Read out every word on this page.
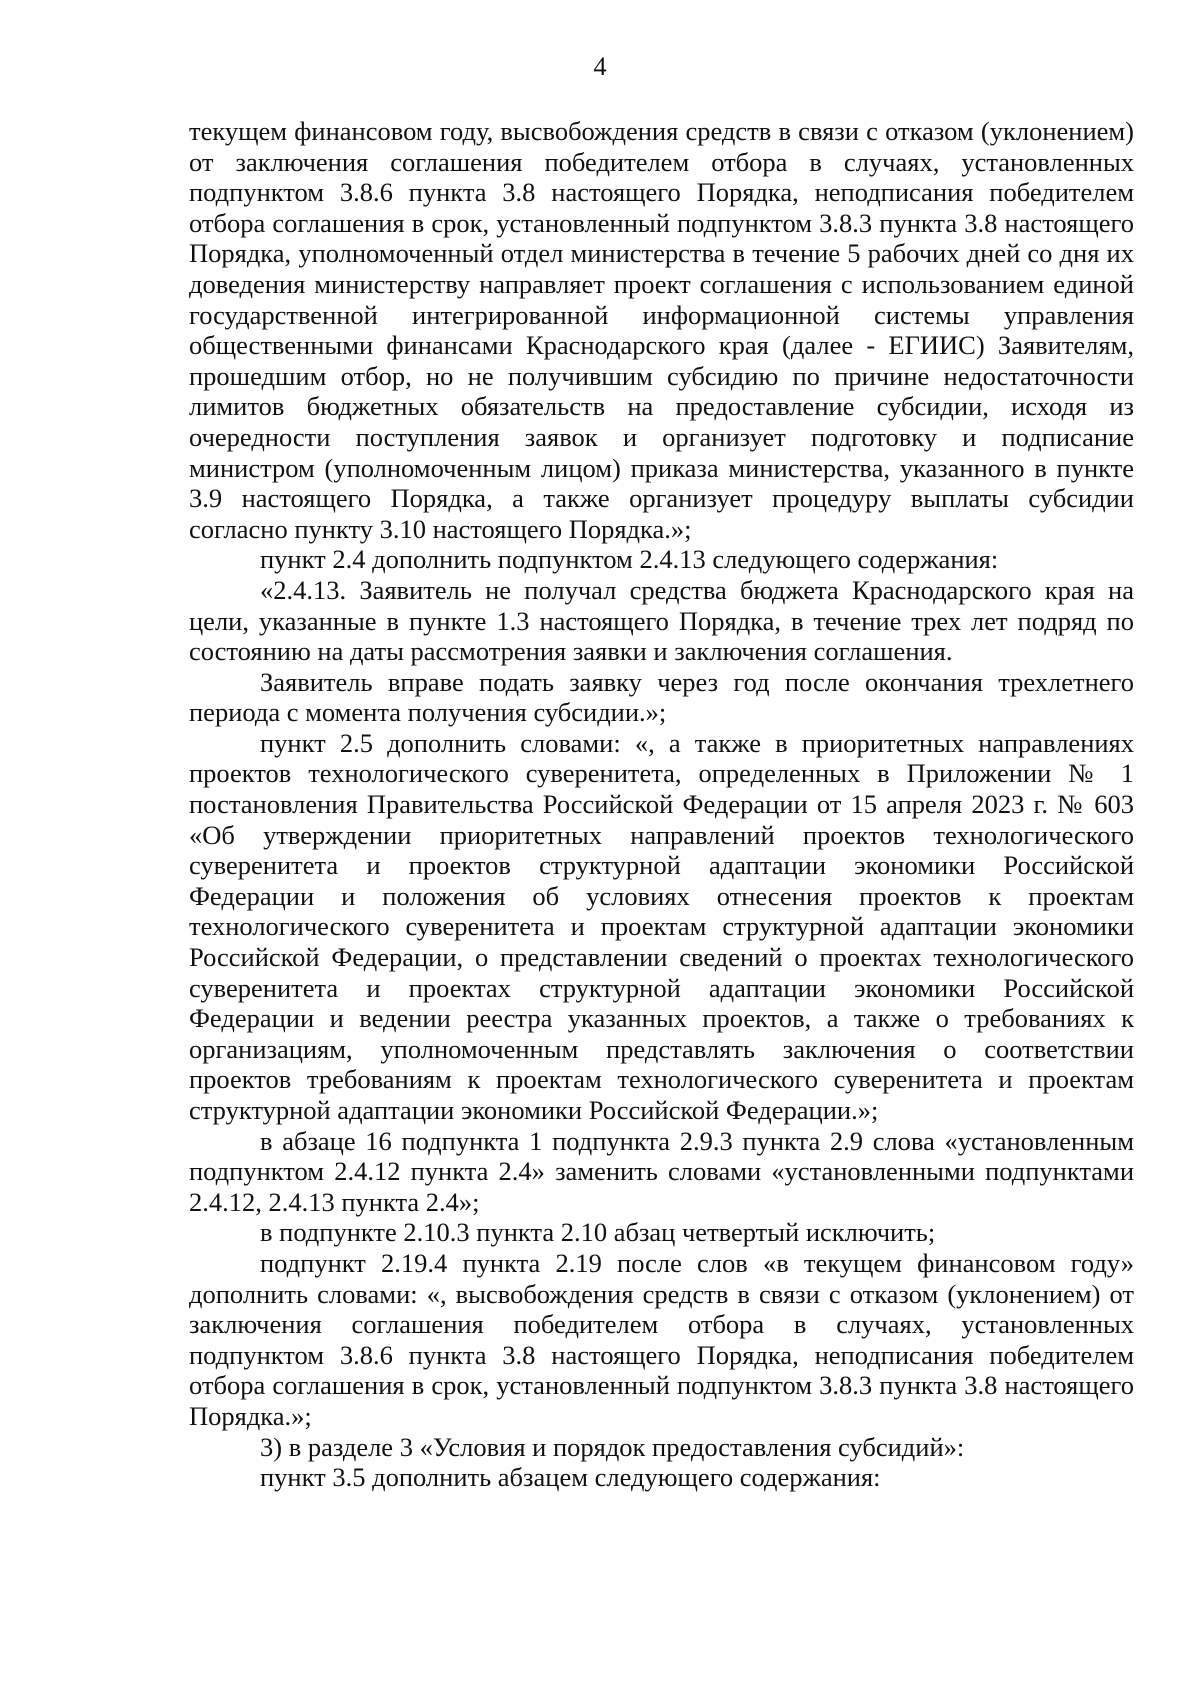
4

текущем финансовом году, высвобождения средств в связи с отказом (уклонением) от заключения соглашения победителем отбора в случаях, установленных подпунктом 3.8.6 пункта 3.8 настоящего Порядка, неподписания победителем отбора соглашения в срок, установленный подпунктом 3.8.3 пункта 3.8 настоящего Порядка, уполномоченный отдел министерства в течение 5 рабочих дней со дня их доведения министерству направляет проект соглашения с использованием единой государственной интегрированной информационной системы управления общественными финансами Краснодарского края (далее - ЕГИИС) Заявителям, прошедшим отбор, но не получившим субсидию по причине недостаточности лимитов бюджетных обязательств на предоставление субсидии, исходя из очередности поступления заявок и организует подготовку и подписание министром (уполномоченным лицом) приказа министерства, указанного в пункте 3.9 настоящего Порядка, а также организует процедуру выплаты субсидии согласно пункту 3.10 настоящего Порядка.»;

пункт 2.4 дополнить подпунктом 2.4.13 следующего содержания:

«2.4.13. Заявитель не получал средства бюджета Краснодарского края на цели, указанные в пункте 1.3 настоящего Порядка, в течение трех лет подряд по состоянию на даты рассмотрения заявки и заключения соглашения.

Заявитель вправе подать заявку через год после окончания трехлетнего периода с момента получения субсидии.»;

пункт 2.5 дополнить словами: «, а также в приоритетных направлениях проектов технологического суверенитета, определенных в Приложении № 1 постановления Правительства Российской Федерации от 15 апреля 2023 г. № 603 «Об утверждении приоритетных направлений проектов технологического суверенитета и проектов структурной адаптации экономики Российской Федерации и положения об условиях отнесения проектов к проектам технологического суверенитета и проектам структурной адаптации экономики Российской Федерации, о представлении сведений о проектах технологического суверенитета и проектах структурной адаптации экономики Российской Федерации и ведении реестра указанных проектов, а также о требованиях к организациям, уполномоченным представлять заключения о соответствии проектов требованиям к проектам технологического суверенитета и проектам структурной адаптации экономики Российской Федерации.»;

в абзаце 16 подпункта 1 подпункта 2.9.3 пункта 2.9 слова «установленным подпунктом 2.4.12 пункта 2.4» заменить словами «установленными подпунктами 2.4.12, 2.4.13 пункта 2.4»;

в подпункте 2.10.3 пункта 2.10 абзац четвертый исключить;

подпункт 2.19.4 пункта 2.19 после слов «в текущем финансовом году» дополнить словами: «, высвобождения средств в связи с отказом (уклонением) от заключения соглашения победителем отбора в случаях, установленных подпунктом 3.8.6 пункта 3.8 настоящего Порядка, неподписания победителем отбора соглашения в срок, установленный подпунктом 3.8.3 пункта 3.8 настоящего Порядка.»;

3) в разделе 3 «Условия и порядок предоставления субсидий»:

пункт 3.5 дополнить абзацем следующего содержания:
